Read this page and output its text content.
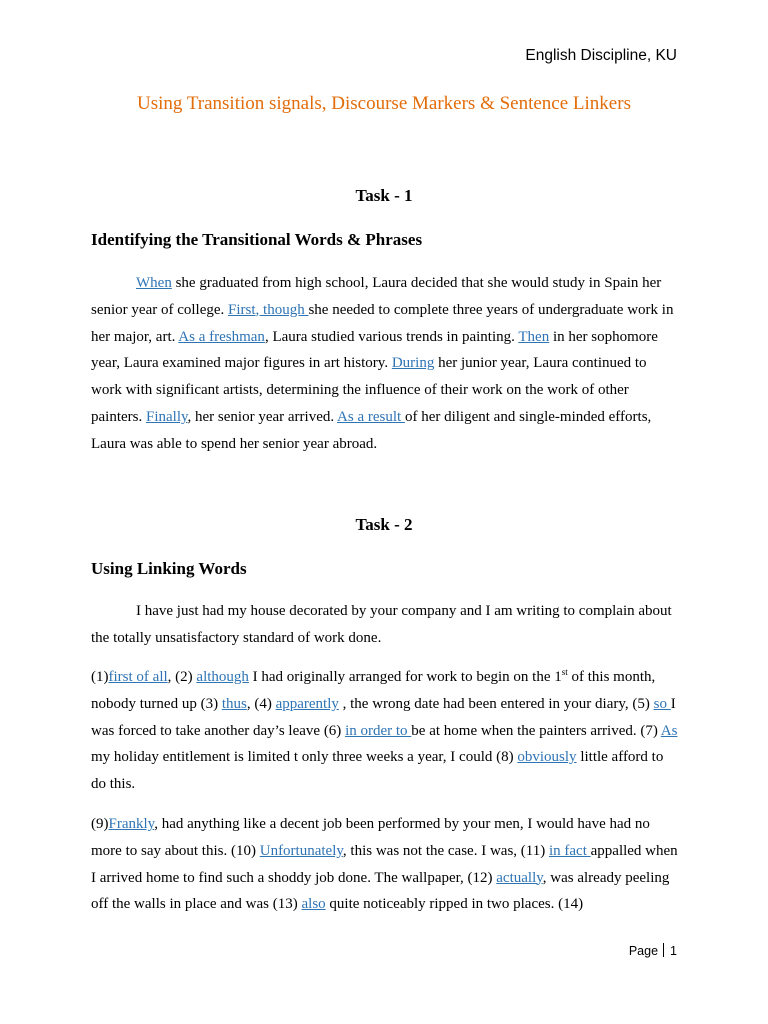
English Discipline, KU
Using Transition signals, Discourse Markers & Sentence Linkers
Task - 1
Identifying the Transitional Words & Phrases
When she graduated from high school, Laura decided that she would study in Spain her senior year of college. First, though she needed to complete three years of undergraduate work in her major, art. As a freshman, Laura studied various trends in painting. Then in her sophomore year, Laura examined major figures in art history. During her junior year, Laura continued to work with significant artists, determining the influence of their work on the work of other painters. Finally, her senior year arrived. As a result of her diligent and single-minded efforts, Laura was able to spend her senior year abroad.
Task - 2
Using Linking Words
I have just had my house decorated by your company and I am writing to complain about the totally unsatisfactory standard of work done.
(1)first of all, (2) although I had originally arranged for work to begin on the 1st of this month, nobody turned up (3) thus, (4) apparently , the wrong date had been entered in your diary, (5) so I was forced to take another day’s leave (6) in order to be at home when the painters arrived. (7) As my holiday entitlement is limited t only three weeks a year, I could (8) obviously little afford to do this.
(9)Frankly, had anything like a decent job been performed by your men, I would have had no more to say about this. (10) Unfortunately, this was not the case. I was, (11) in fact appalled when I arrived home to find such a shoddy job done. The wallpaper, (12) actually, was already peeling off the walls in place and was (13) also quite noticeably ripped in two places. (14)
Page 1
